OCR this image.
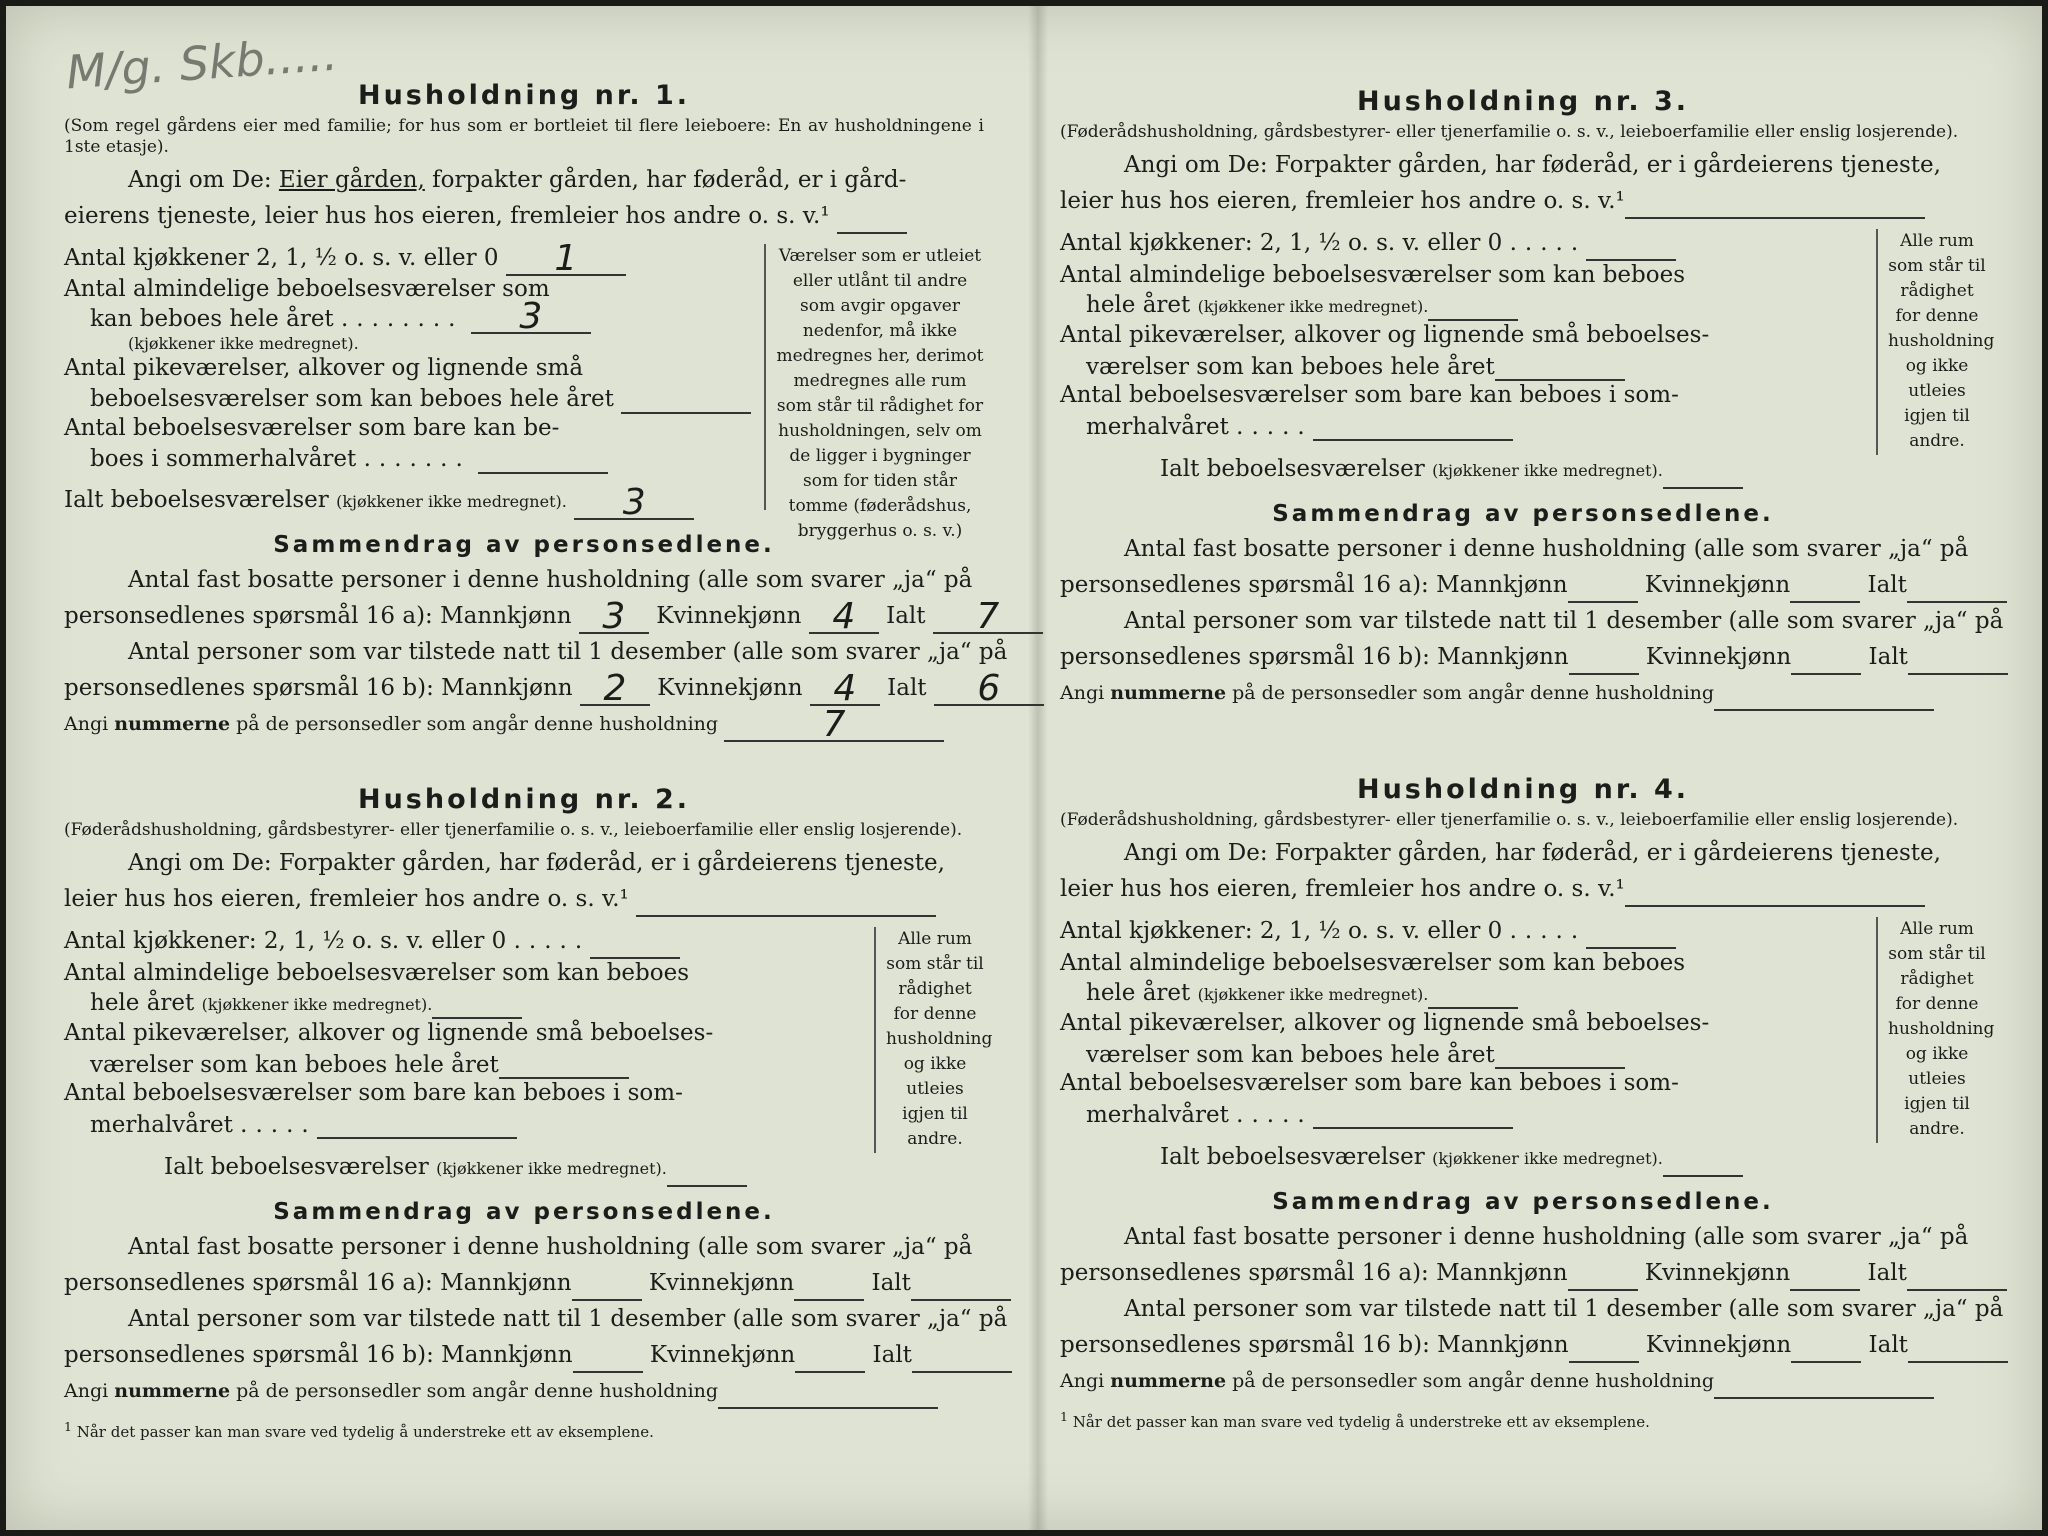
M/g. Skb..... Husholdning nr. 1.

(Som regel gårdens eier med familie; for hus som er bortleiet til flere leieboere: En av husholdningene i 1ste etasje).

Angi om De: Eier gården, forpakter gården, har føderåd, er i gård-
eierens tjeneste, leier hus hos eieren, fremleier hos andre o. s. v.¹
Antal kjøkkener 2, 1, ½ o. s. v. eller 0 1
Antal almindelige beboelsesværelser som
kan beboes hele året ........ 3
(kjøkkener ikke medregnet).
Antal pikeværelser, alkover og lignende små
beboelsesværelser som kan beboes hele året
Antal beboelsesværelser som bare kan be-
boes i sommerhalvåret .......
Ialt beboelsesværelser (kjøkkener ikke medregnet). 3
Værelser som er utleiet eller utlånt til andre som avgir opgaver nedenfor, må ikke medregnes her, derimot medregnes alle rum som står til rådighet for husholdningen, selv om de ligger i bygninger som for tiden står tomme (føderådshus, bryggerhus o. s. v.)
Sammendrag av personsedlene.
Antal fast bosatte personer i denne husholdning (alle som svarer „ja“ på
personsedlenes spørsmål 16 a): Mannkjønn 3 Kvinnekjønn 4 Ialt 7
Antal personer som var tilstede natt til 1 desember (alle som svarer „ja“ på
personsedlenes spørsmål 16 b): Mannkjønn 2 Kvinnekjønn 4 Ialt 6
Angi nummerne på de personsedler som angår denne husholdning	7
Husholdning nr. 2.

(Føderådshusholdning, gårdsbestyrer- eller tjenerfamilie o. s. v., leieboerfamilie eller enslig losjerende).

Angi om De: Forpakter gården, har føderåd, er i gårdeierens tjeneste,
leier hus hos eieren, fremleier hos andre o. s. v.¹
Antal kjøkkener: 2, 1, ½ o. s. v. eller 0 .....
Antal almindelige beboelsesværelser som kan beboes
hele året (kjøkkener ikke medregnet).
Antal pikeværelser, alkover og lignende små beboelses-
værelser som kan beboes hele året
Antal beboelsesværelser som bare kan beboes i som-
merhalvåret .....
Ialt beboelsesværelser (kjøkkener ikke medregnet).
Alle rum som står til rådighet for denne husholdning og ikke utleies igjen til andre.
Sammendrag av personsedlene.
Antal fast bosatte personer i denne husholdning (alle som svarer „ja“ på
personsedlenes spørsmål 16 a): Mannkjønn	Kvinnekjønn	Ialt
Antal personer som var tilstede natt til 1 desember (alle som svarer „ja“ på
personsedlenes spørsmål 16 b): Mannkjønn	Kvinnekjønn	Ialt
Angi nummerne på de personsedler som angår denne husholdning
$^1$ Når det passer kan man svare ved tydelig å understreke ett av eksemplene.
Husholdning nr. 3.

(Føderådshusholdning, gårdsbestyrer- eller tjenerfamilie o. s. v., leieboerfamilie eller enslig losjerende).

Angi om De: Forpakter gården, har føderåd, er i gårdeierens tjeneste,
leier hus hos eieren, fremleier hos andre o. s. v.¹
Antal kjøkkener: 2, 1, ½ o. s. v. eller 0 .....
Antal almindelige beboelsesværelser som kan beboes
hele året (kjøkkener ikke medregnet).
Antal pikeværelser, alkover og lignende små beboelses-
værelser som kan beboes hele året
Antal beboelsesværelser som bare kan beboes i som-
merhalvåret .....
Ialt beboelsesværelser (kjøkkener ikke medregnet).
Alle rum som står til rådighet for denne husholdning og ikke utleies igjen til andre.
Sammendrag av personsedlene.
Antal fast bosatte personer i denne husholdning (alle som svarer „ja“ på
personsedlenes spørsmål 16 a): Mannkjønn	Kvinnekjønn	Ialt
Antal personer som var tilstede natt til 1 desember (alle som svarer „ja“ på
personsedlenes spørsmål 16 b): Mannkjønn	Kvinnekjønn	Ialt
Angi nummerne på de personsedler som angår denne husholdning
Husholdning nr. 4.

(Føderådshusholdning, gårdsbestyrer- eller tjenerfamilie o. s. v., leieboerfamilie eller enslig losjerende).

Angi om De: Forpakter gården, har føderåd, er i gårdeierens tjeneste,
leier hus hos eieren, fremleier hos andre o. s. v.¹
Antal kjøkkener: 2, 1, ½ o. s. v. eller 0 .....
Antal almindelige beboelsesværelser som kan beboes
hele året (kjøkkener ikke medregnet).
Antal pikeværelser, alkover og lignende små beboelses-
værelser som kan beboes hele året
Antal beboelsesværelser som bare kan beboes i som-
merhalvåret .....
Ialt beboelsesværelser (kjøkkener ikke medregnet).
Alle rum som står til rådighet for denne husholdning og ikke utleies igjen til andre.
Sammendrag av personsedlene.
Antal fast bosatte personer i denne husholdning (alle som svarer „ja“ på
personsedlenes spørsmål 16 a): Mannkjønn	Kvinnekjønn	Ialt
Antal personer som var tilstede natt til 1 desember (alle som svarer „ja“ på
personsedlenes spørsmål 16 b): Mannkjønn	Kvinnekjønn	Ialt
Angi nummerne på de personsedler som angår denne husholdning
$^1$ Når det passer kan man svare ved tydelig å understreke ett av eksemplene.
